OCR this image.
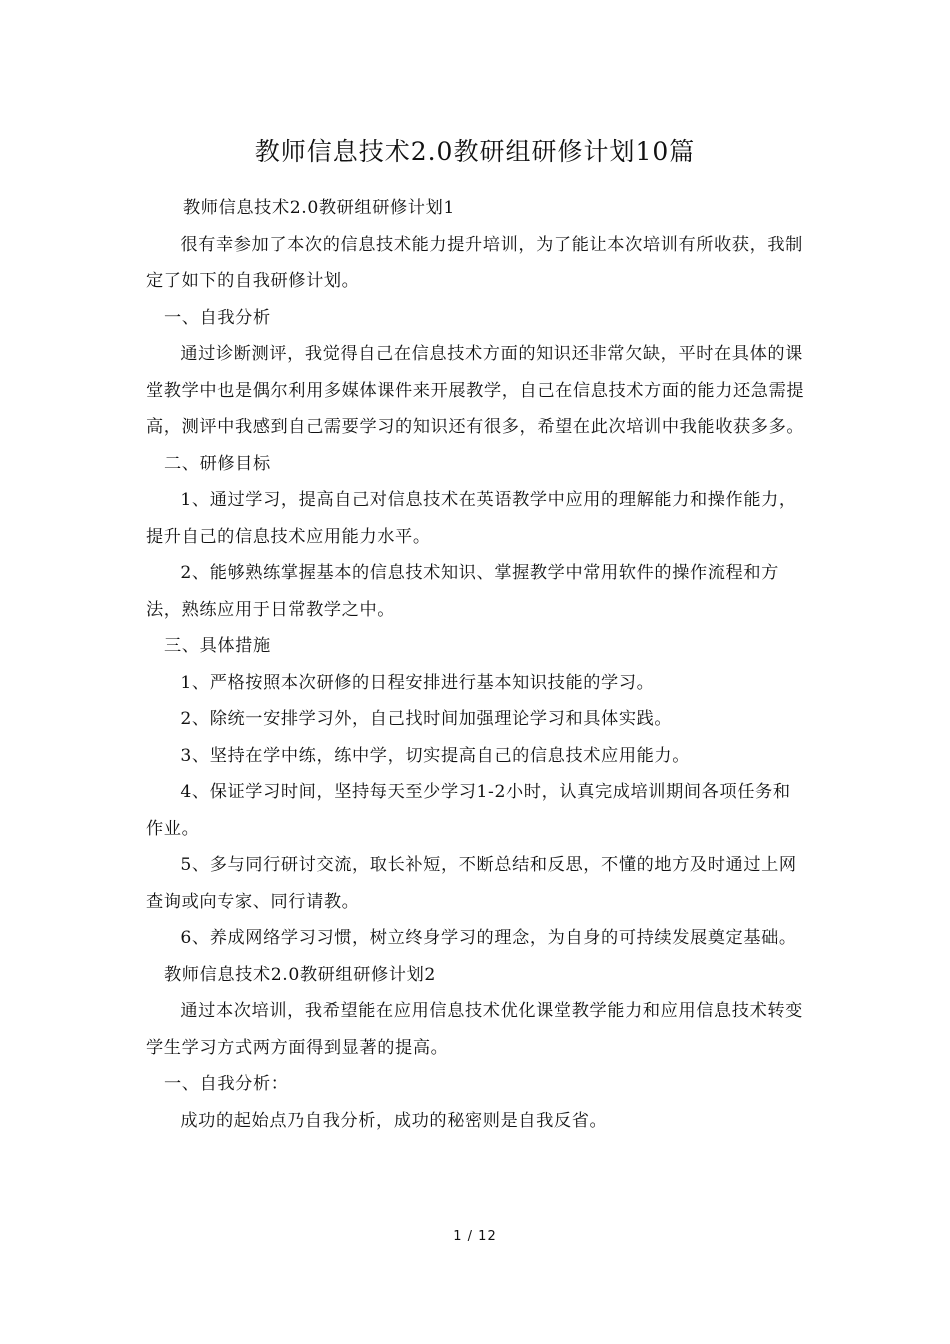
教师信息技术2.0教研组研修计划10篇

教师信息技术2.0教研组研修计划1

很有幸参加了本次的信息技术能力提升培训，为了能让本次培训有所收获，我制定了如下的自我研修计划。

一、自我分析

通过诊断测评，我觉得自己在信息技术方面的知识还非常欠缺，平时在具体的课堂教学中也是偶尔利用多媒体课件来开展教学，自己在信息技术方面的能力还急需提高，测评中我感到自己需要学习的知识还有很多，希望在此次培训中我能收获多多。

二、研修目标

1、通过学习，提高自己对信息技术在英语教学中应用的理解能力和操作能力，提升自己的信息技术应用能力水平。

2、能够熟练掌握基本的信息技术知识、掌握教学中常用软件的操作流程和方法，熟练应用于日常教学之中。

三、具体措施

1、严格按照本次研修的日程安排进行基本知识技能的学习。

2、除统一安排学习外，自己找时间加强理论学习和具体实践。

3、坚持在学中练，练中学，切实提高自己的信息技术应用能力。

4、保证学习时间，坚持每天至少学习1-2小时，认真完成培训期间各项任务和作业。

5、多与同行研讨交流，取长补短，不断总结和反思，不懂的地方及时通过上网查询或向专家、同行请教。

6、养成网络学习习惯，树立终身学习的理念，为自身的可持续发展奠定基础。

教师信息技术2.0教研组研修计划2

通过本次培训，我希望能在应用信息技术优化课堂教学能力和应用信息技术转变学生学习方式两方面得到显著的提高。

一、自我分析：

成功的起始点乃自我分析，成功的秘密则是自我反省。

1 / 12
